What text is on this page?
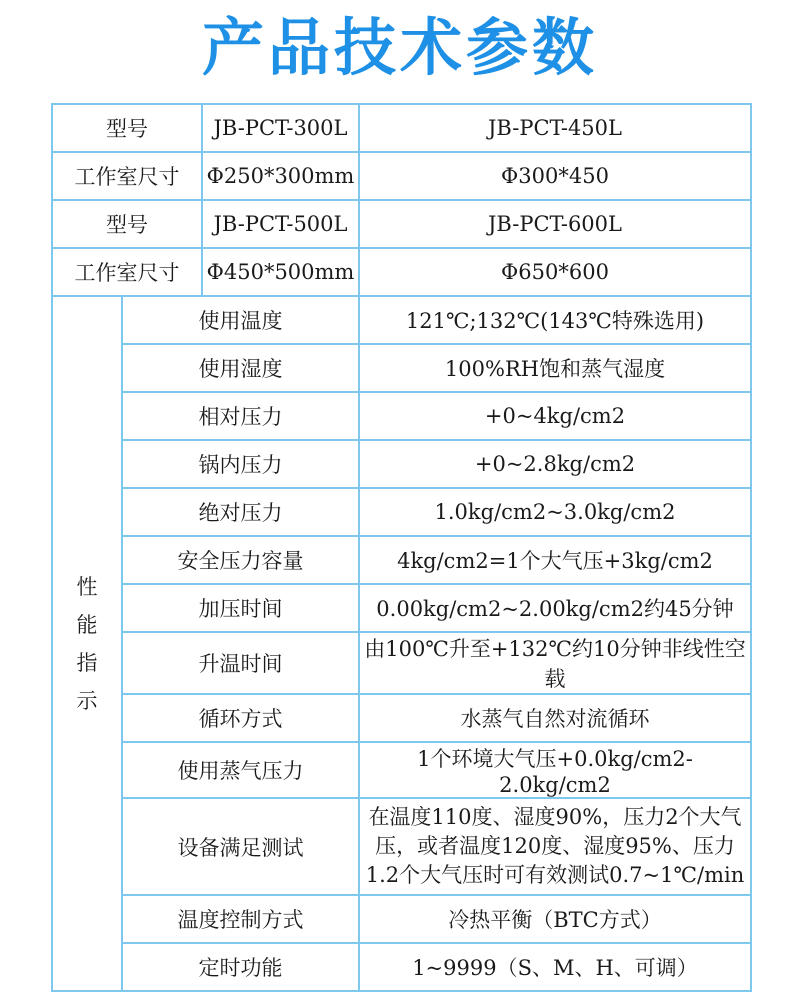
产品技术参数
型号		JB-PCT-300L	JB-PCT-450L
工作室尺寸		Φ250*300mm	Φ300*450
型号		JB-PCT-500L	JB-PCT-600L
工作室尺寸		Φ450*500mm	Φ650*600

性
能
指
示	使用温度		121℃;132℃(143℃特殊选用)
	使用湿度		100%RH饱和蒸气湿度
	相对压力		+0~4kg/cm2
	锅内压力		+0~2.8kg/cm2
	绝对压力		1.0kg/cm2~3.0kg/cm2
	安全压力容量		4kg/cm2=1个大气压+3kg/cm2
	加压时间		0.00kg/cm2~2.00kg/cm2约45分钟
	升温时间		由100℃升至+132℃约10分钟非线性空载
	循环方式		水蒸气自然对流循环
	使用蒸气压力		1个环境大气压+0.0kg/cm2-2.0kg/cm2
	设备满足测试		在温度110度、湿度90%，压力2个大气压，或者温度120度、湿度95%、压力1.2个大气压时可有效测试0.7~1℃/min
	温度控制方式		冷热平衡（BTC方式）
	定时功能		1~9999（S、M、H、可调）
